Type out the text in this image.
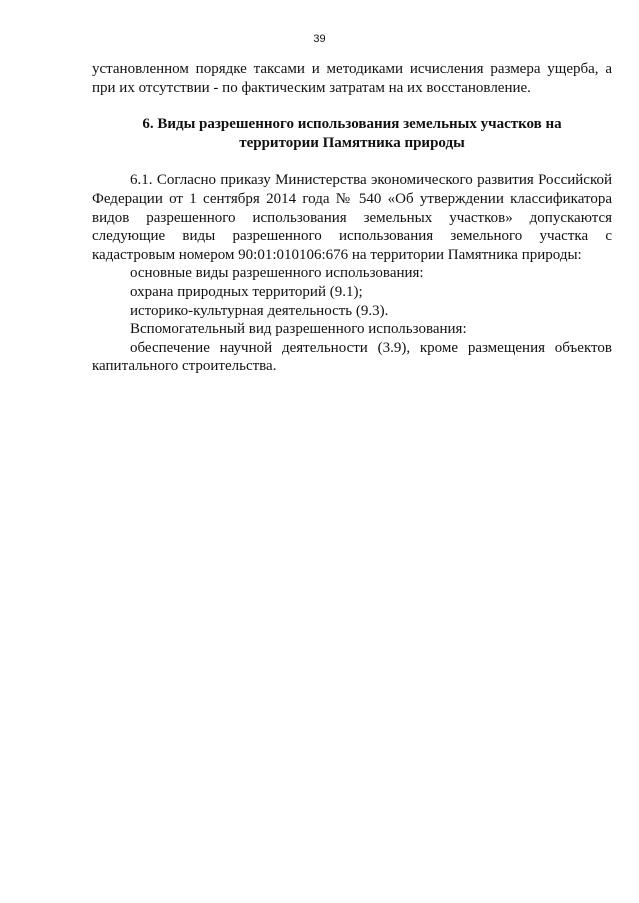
39

установленном порядке таксами и методиками исчисления размера ущерба, а
при их отсутствии - по фактическим затратам на их восстановление.

6. Виды разрешенного использования земельных участков на
территории Памятника природы
6.1. Согласно приказу Министерства экономического развития Российской
Федерации от 1 сентября 2014 года № 540 «Об утверждении классификатора
видов разрешенного использования земельных участков» допускаются
следующие виды разрешенного использования земельного участка с
кадастровым номером 90:01:010106:676 на территории Памятника природы:
основные виды разрешенного использования:
охрана природных территорий (9.1);
историко-культурная деятельность (9.3).
Вспомогательный вид разрешенного использования:
обеспечение научной деятельности (3.9), кроме размещения объектов
капитального строительства.
